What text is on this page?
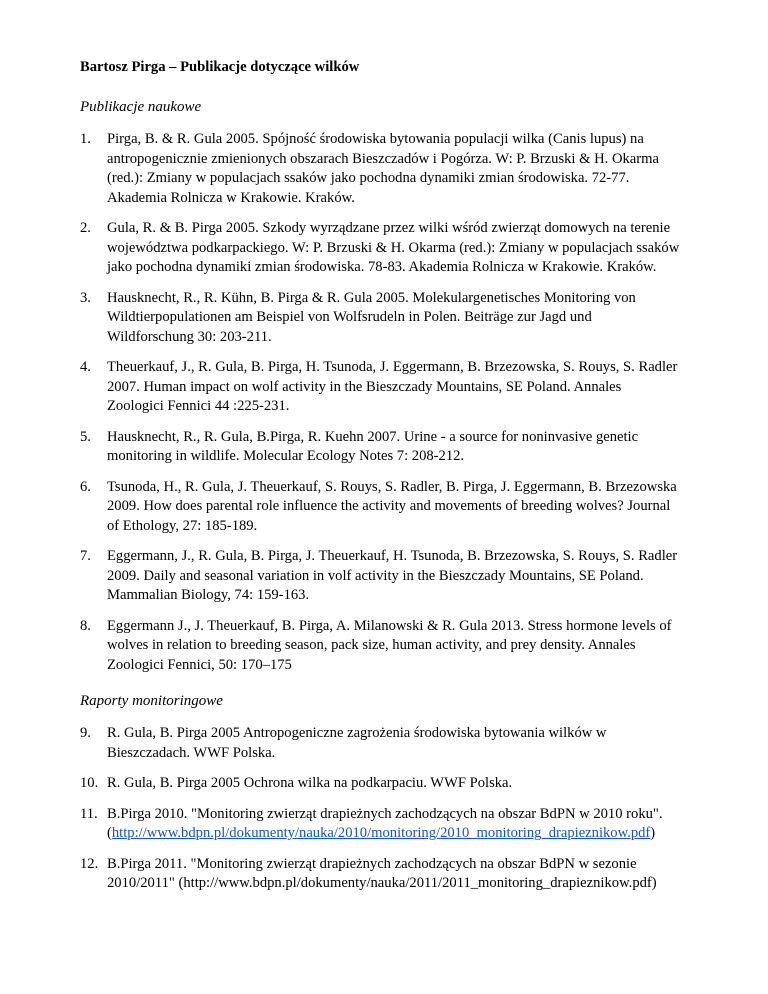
Bartosz Pirga – Publikacje dotyczące wilków
Publikacje naukowe
1. Pirga, B. & R. Gula 2005. Spójność środowiska bytowania populacji wilka (Canis lupus) na antropogenicznie zmienionych obszarach Bieszczadów i Pogórza. W: P. Brzuski & H. Okarma (red.): Zmiany w populacjach ssaków jako pochodna dynamiki zmian środowiska. 72-77. Akademia Rolnicza w Krakowie. Kraków.
2. Gula, R. & B. Pirga 2005. Szkody wyrządzane przez wilki wśród zwierząt domowych na terenie województwa podkarpackiego. W: P. Brzuski & H. Okarma (red.): Zmiany w populacjach ssaków jako pochodna dynamiki zmian środowiska. 78-83. Akademia Rolnicza w Krakowie. Kraków.
3. Hausknecht, R., R. Kühn, B. Pirga & R. Gula 2005. Molekulargenetisches Monitoring von Wildtierpopulationen am Beispiel von Wolfsrudeln in Polen. Beiträge zur Jagd und Wildforschung 30: 203-211.
4. Theuerkauf, J., R. Gula, B. Pirga, H. Tsunoda, J. Eggermann, B. Brzezowska, S. Rouys, S. Radler 2007. Human impact on wolf activity in the Bieszczady Mountains, SE Poland. Annales Zoologici Fennici 44 :225-231.
5. Hausknecht, R., R. Gula, B.Pirga, R. Kuehn 2007. Urine - a source for noninvasive genetic monitoring in wildlife. Molecular Ecology Notes 7: 208-212.
6. Tsunoda, H., R. Gula, J. Theuerkauf, S. Rouys, S. Radler, B. Pirga, J. Eggermann, B. Brzezowska 2009. How does parental role influence the activity and movements of breeding wolves? Journal of Ethology, 27: 185-189.
7. Eggermann, J., R. Gula, B. Pirga, J. Theuerkauf, H. Tsunoda, B. Brzezowska, S. Rouys, S. Radler 2009. Daily and seasonal variation in volf activity in the Bieszczady Mountains, SE Poland. Mammalian Biology, 74: 159-163.
8. Eggermann J., J. Theuerkauf, B. Pirga, A. Milanowski & R. Gula 2013. Stress hormone levels of wolves in relation to breeding season, pack size, human activity, and prey density. Annales Zoologici Fennici, 50: 170–175
Raporty monitoringowe
9. R. Gula, B. Pirga 2005 Antropogeniczne zagrożenia środowiska bytowania wilków w Bieszczadach. WWF Polska.
10. R. Gula, B. Pirga 2005 Ochrona wilka na podkarpaciu. WWF Polska.
11. B.Pirga 2010. "Monitoring zwierząt drapieżnych zachodzących na obszar BdPN w 2010 roku".(http://www.bdpn.pl/dokumenty/nauka/2010/monitoring/2010_monitoring_drapieznikow.pdf)
12. B.Pirga 2011. "Monitoring zwierząt drapieżnych zachodzących na obszar BdPN w sezonie 2010/2011" (http://www.bdpn.pl/dokumenty/nauka/2011/2011_monitoring_drapieznikow.pdf)
